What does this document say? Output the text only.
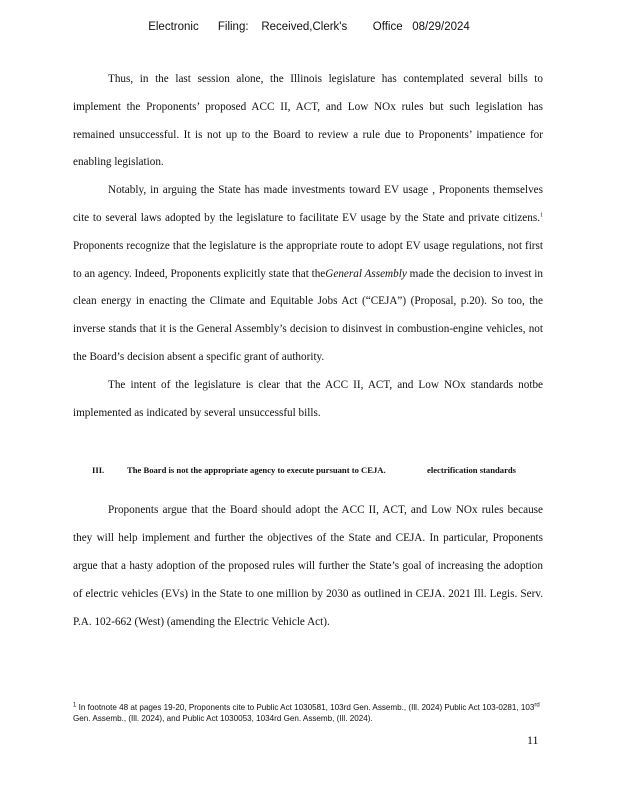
Electronic      Filing:    Received,Clerk's        Office   08/29/2024

Thus, in the last session alone, the Illinois legislature has contemplated several bills to implement the Proponents’ proposed ACC II, ACT, and Low NOx rules but such legislation has remained unsuccessful. It is not up to the Board to review a rule due to Proponents’ impatience for enabling legislation.

Notably, in arguing the State has made investments toward EV usage , Proponents themselves cite to several laws adopted by the legislature to facilitate EV usage by the State and private citizens.$^1$ Proponents recognize that the legislature is the appropriate route to adopt EV usage regulations, not first to an agency. Indeed, Proponents explicitly state that theGeneral Assembly made the decision to invest in clean energy in enacting the Climate and Equitable Jobs Act (“CEJA”) (Proposal, p.20). So too, the inverse stands that it is the General Assembly’s decision to disinvest in combustion-engine vehicles, not the Board’s decision absent a specific grant of authority.

The intent of the legislature is clear that the ACC II, ACT, and Low NOx standards notbe implemented as indicated by several unsuccessful bills.

III.	The Board is not the appropriate agency to execute pursuant to CEJA.	electrification standards

Proponents argue that the Board should adopt the ACC II, ACT, and Low NOx rules because they will help implement and further the objectives of the State and CEJA. In particular, Proponents argue that a hasty adoption of the proposed rules will further the State’s goal of increasing the adoption of electric vehicles (EVs) in the State to one million by 2030 as outlined in CEJA. 2021 Ill. Legis. Serv. P.A. 102-662 (West) (amending the Electric Vehicle Act).

$^1$ In footnote 48 at pages 19-20, Proponents cite to Public Act 1030581, 103rd Gen. Assemb., (Ill. 2024) Public Act 103-0281, 103rd Gen. Assemb., (Ill. 2024), and Public Act 1030053, 1034rd Gen. Assemb, (Ill. 2024).
11
